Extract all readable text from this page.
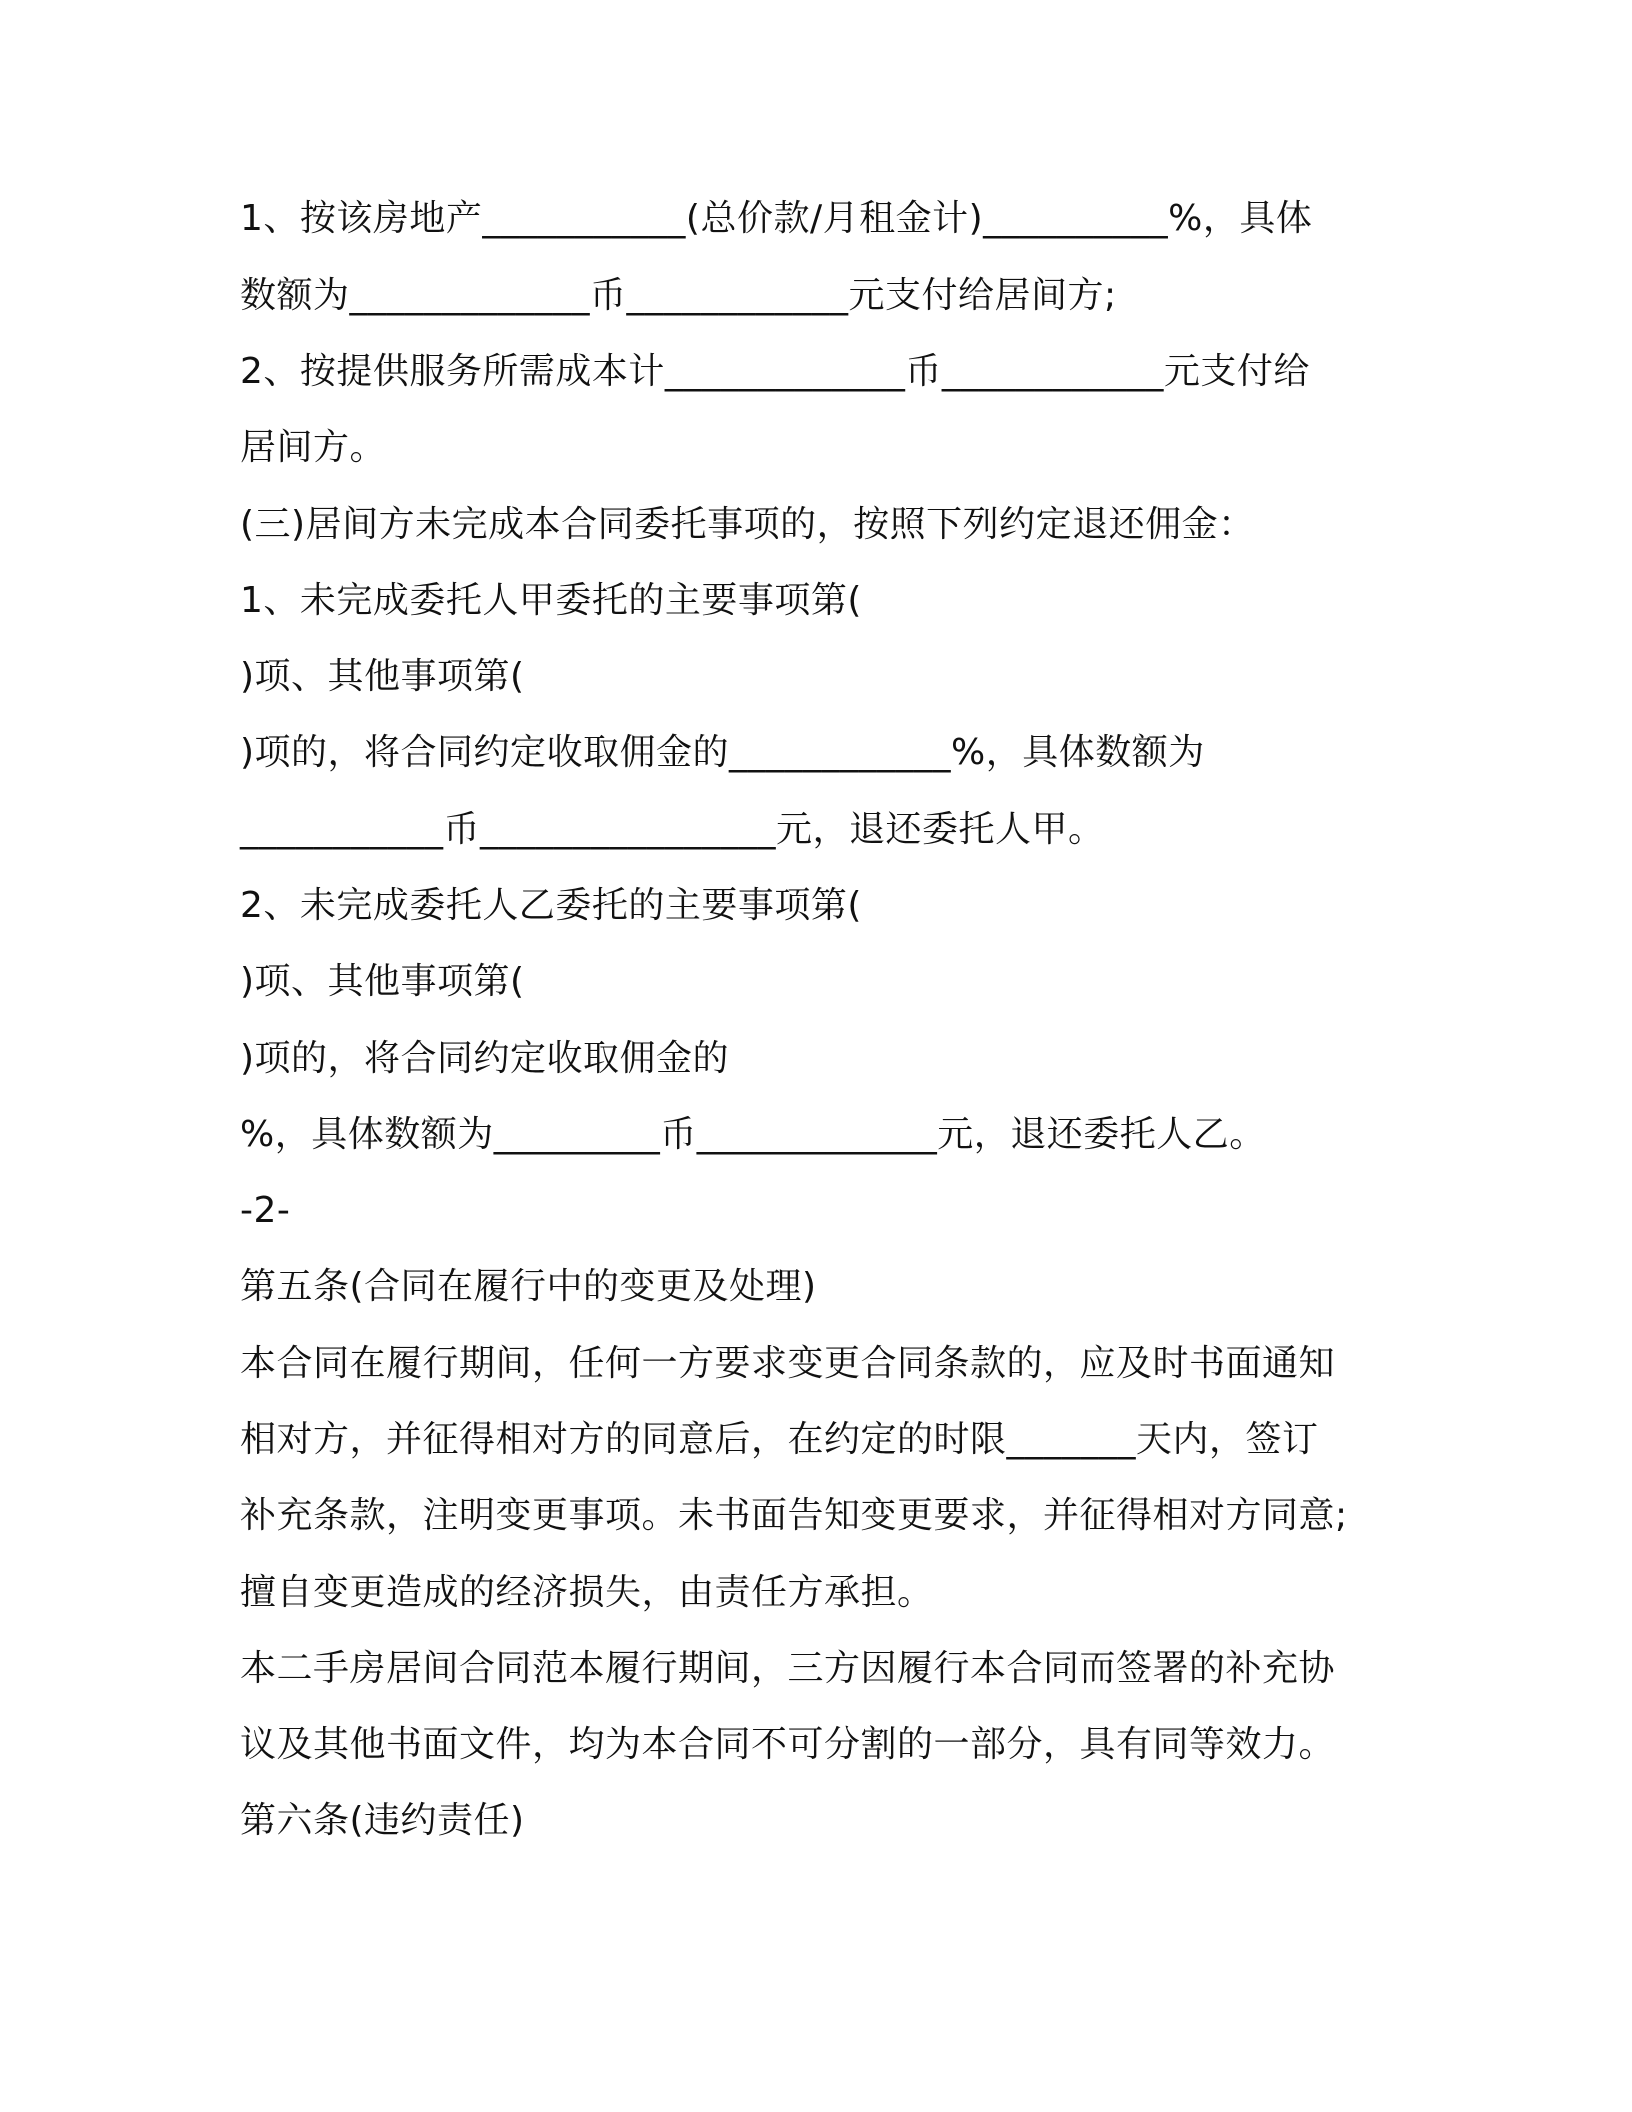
1、按该房地产___________(总价款/月租金计)__________%，具体
数额为_____________币____________元支付给居间方;
2、按提供服务所需成本计_____________币____________元支付给
居间方。
(三)居间方未完成本合同委托事项的，按照下列约定退还佣金：
1、未完成委托人甲委托的主要事项第(
)项、其他事项第(
)项的，将合同约定收取佣金的____________%，具体数额为
___________币________________元，退还委托人甲。
2、未完成委托人乙委托的主要事项第(
)项、其他事项第(
)项的，将合同约定收取佣金的
%，具体数额为_________币_____________元，退还委托人乙。
-2-
第五条(合同在履行中的变更及处理)
本合同在履行期间，任何一方要求变更合同条款的，应及时书面通知
相对方，并征得相对方的同意后，在约定的时限_______天内，签订
补充条款，注明变更事项。未书面告知变更要求，并征得相对方同意;
擅自变更造成的经济损失，由责任方承担。
本二手房居间合同范本履行期间，三方因履行本合同而签署的补充协
议及其他书面文件，均为本合同不可分割的一部分，具有同等效力。
第六条(违约责任)
